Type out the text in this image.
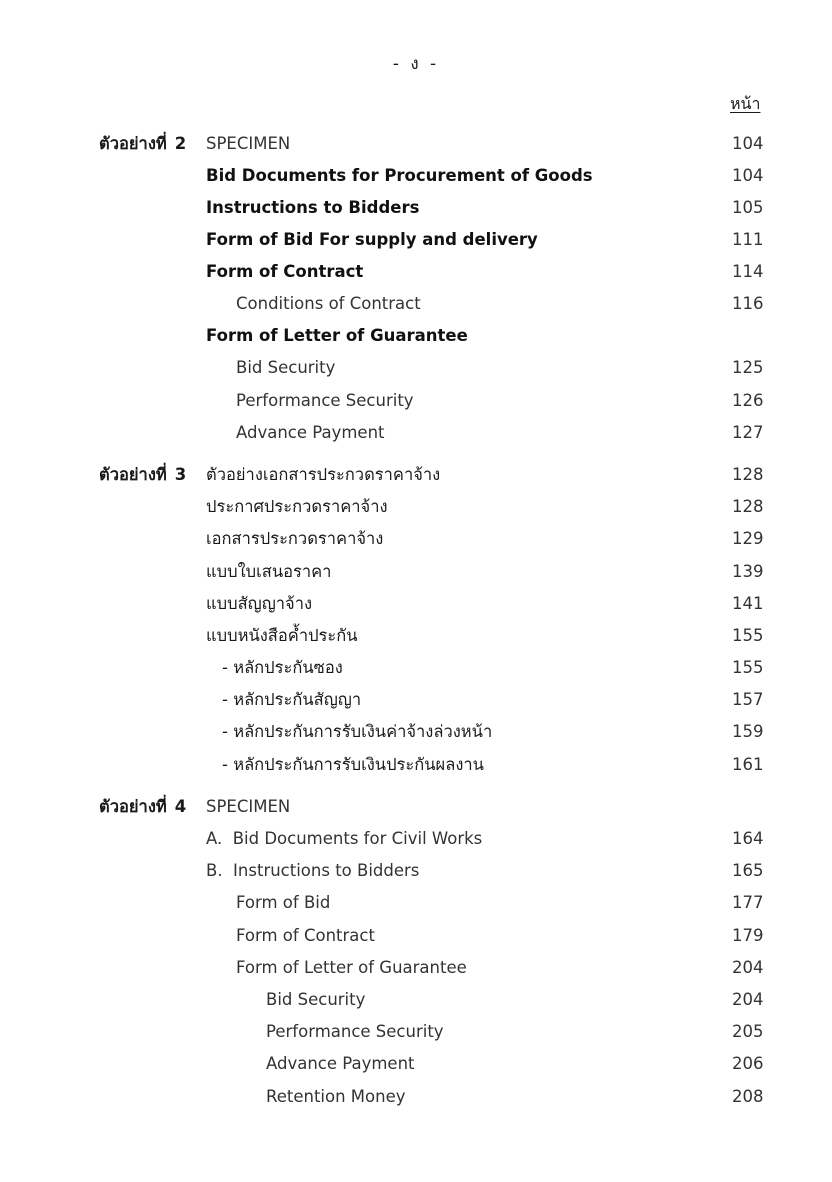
- ง -
หน้า
ตัวอย่างที่ 2 SPECIMEN	104
Bid Documents for Procurement of Goods	104
Instructions to Bidders	105
Form of Bid For supply and delivery	111
Form of Contract	114
Conditions of Contract	116
Form of Letter of Guarantee
Bid Security	125
Performance Security	126
Advance Payment	127
ตัวอย่างที่ 3 ตัวอย่างเอกสารประกวดราคาจ้าง	128
ประกาศประกวดราคาจ้าง	128
เอกสารประกวดราคาจ้าง	129
แบบใบเสนอราคา	139
แบบสัญญาจ้าง	141
แบบหนังสือค้ำประกัน	155
- หลักประกันซอง	155
- หลักประกันสัญญา	157
- หลักประกันการรับเงินค่าจ้างล่วงหน้า	159
- หลักประกันการรับเงินประกันผลงาน	161
ตัวอย่างที่ 4 SPECIMEN
A.  Bid Documents for Civil Works	164
B.  Instructions to Bidders	165
Form of Bid	177
Form of Contract	179
Form of Letter of Guarantee	204
Bid Security	204
Performance Security	205
Advance Payment	206
Retention Money	208
